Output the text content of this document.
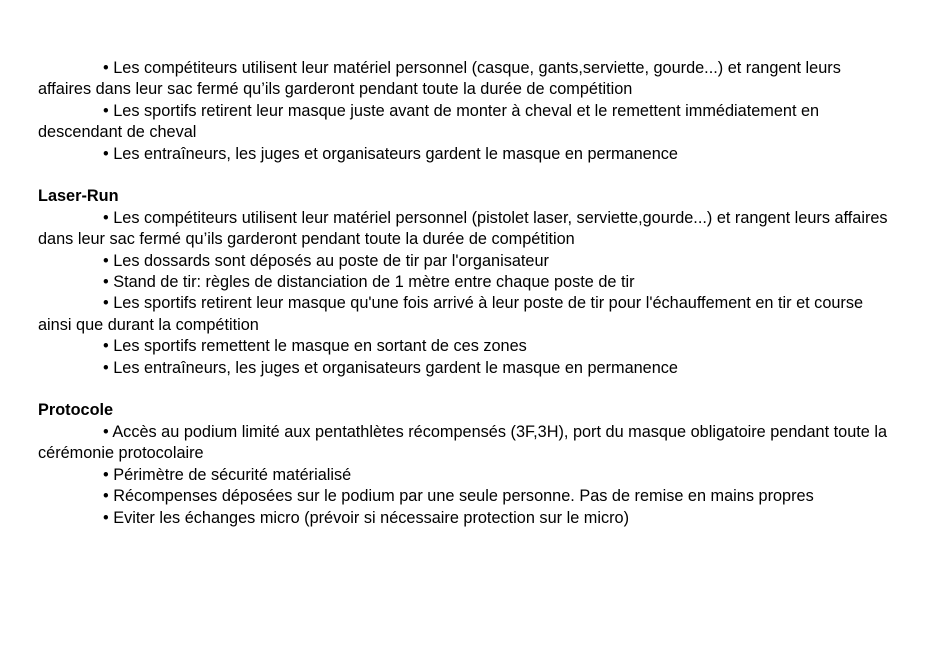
• Les compétiteurs utilisent leur matériel personnel (casque, gants,serviette, gourde...) et rangent leurs affaires dans leur sac fermé qu’ils garderont pendant toute la durée de compétition

• Les sportifs retirent leur masque juste avant de monter à cheval et le remettent immédiatement en descendant de cheval

• Les entraîneurs, les juges et organisateurs gardent le masque en permanence

Laser-Run

• Les compétiteurs utilisent leur matériel personnel (pistolet laser, serviette,gourde...) et rangent leurs affaires dans leur sac fermé qu’ils garderont pendant toute la durée de compétition

• Les dossards sont déposés au poste de tir par l'organisateur

• Stand de tir: règles de distanciation de 1 mètre entre chaque poste de tir

• Les sportifs retirent leur masque qu'une fois arrivé à leur poste de tir pour l'échauffement en tir et course ainsi que durant la compétition

• Les sportifs remettent le masque en sortant de ces zones

• Les entraîneurs, les juges et organisateurs gardent le masque en permanence

Protocole

• Accès au podium limité aux pentathlètes récompensés (3F,3H), port du masque obligatoire pendant toute la cérémonie protocolaire

• Périmètre de sécurité matérialisé

• Récompenses déposées sur le podium par une seule personne. Pas de remise en mains propres

• Eviter les échanges micro (prévoir si nécessaire protection sur le micro)
